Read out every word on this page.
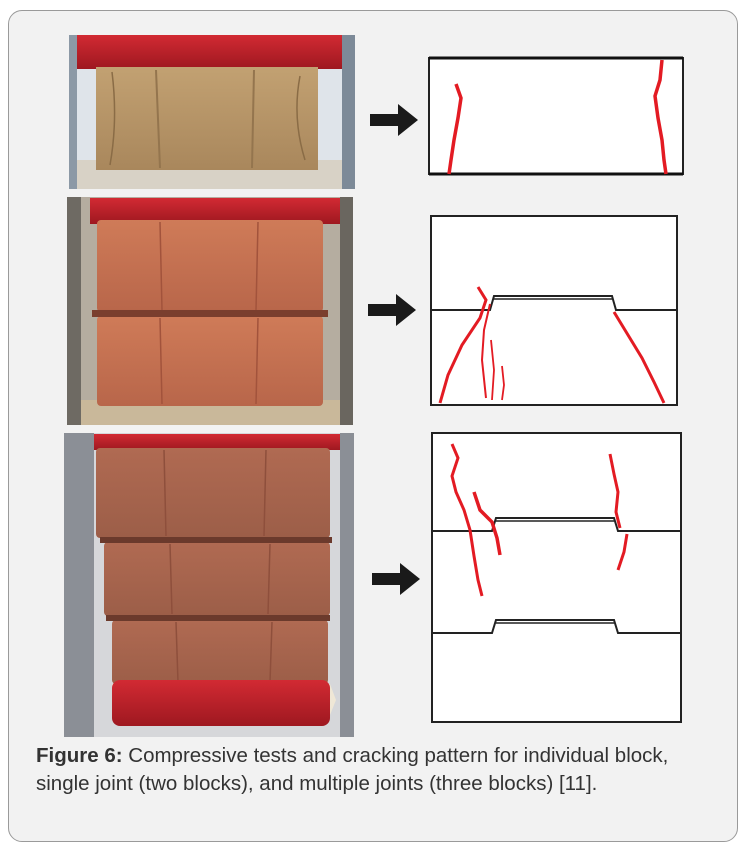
Figure 6: Compressive tests and cracking pattern for individual block, single joint (two blocks), and multiple joints (three blocks) [11].
